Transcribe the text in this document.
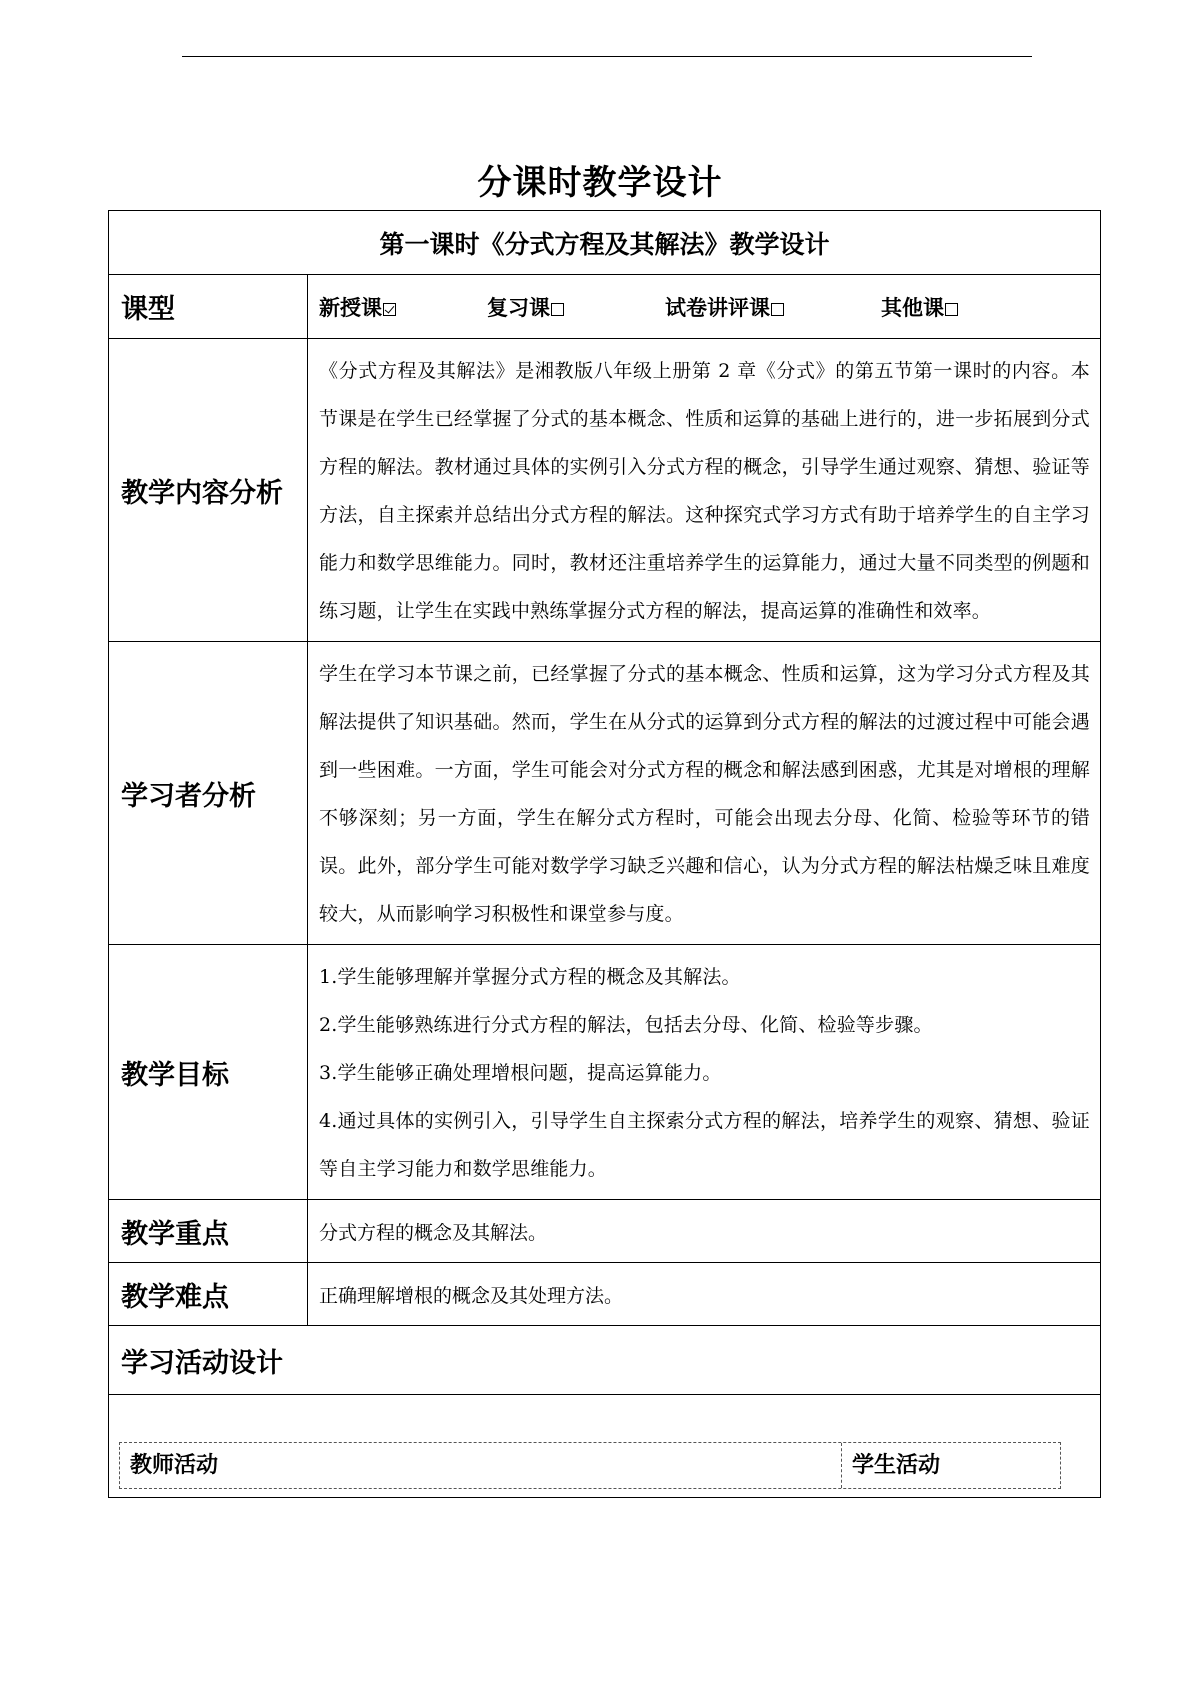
分课时教学设计
第一课时《分式方程及其解法》教学设计	
课型	新授课 复习课 试卷讲评课 其他课

教学内容分析	《分式方程及其解法》是湘教版八年级上册第 2 章《分式》的第五节第一课时的内容。本节课是在学生已经掌握了分式的基本概念、性质和运算的基础上进行的，进一步拓展到分式方程的解法。教材通过具体的实例引入分式方程的概念，引导学生通过观察、猜想、验证等方法，自主探索并总结出分式方程的解法。这种探究式学习方式有助于培养学生的自主学习能力和数学思维能力。同时，教材还注重培养学生的运算能力，通过大量不同类型的例题和练习题，让学生在实践中熟练掌握分式方程的解法，提高运算的准确性和效率。
学习者分析	学生在学习本节课之前，已经掌握了分式的基本概念、性质和运算，这为学习分式方程及其解法提供了知识基础。然而，学生在从分式的运算到分式方程的解法的过渡过程中可能会遇到一些困难。一方面，学生可能会对分式方程的概念和解法感到困惑，尤其是对增根的理解不够深刻；另一方面，学生在解分式方程时，可能会出现去分母、化简、检验等环节的错误。此外，部分学生可能对数学学习缺乏兴趣和信心，认为分式方程的解法枯燥乏味且难度较大，从而影响学习积极性和课堂参与度。
教学目标	1.学生能够理解并掌握分式方程的概念及其解法。

2.学生能够熟练进行分式方程的解法，包括去分母、化简、检验等步骤。

3.学生能够正确处理增根问题，提高运算能力。

4.通过具体的实例引入，引导学生自主探索分式方程的解法，培养学生的观察、猜想、验证等自主学习能力和数学思维能力。

教学重点	分式方程的概念及其解法。
教学难点	正确理解增根的概念及其处理方法。
学习活动设计	

教师活动 学生活动	
